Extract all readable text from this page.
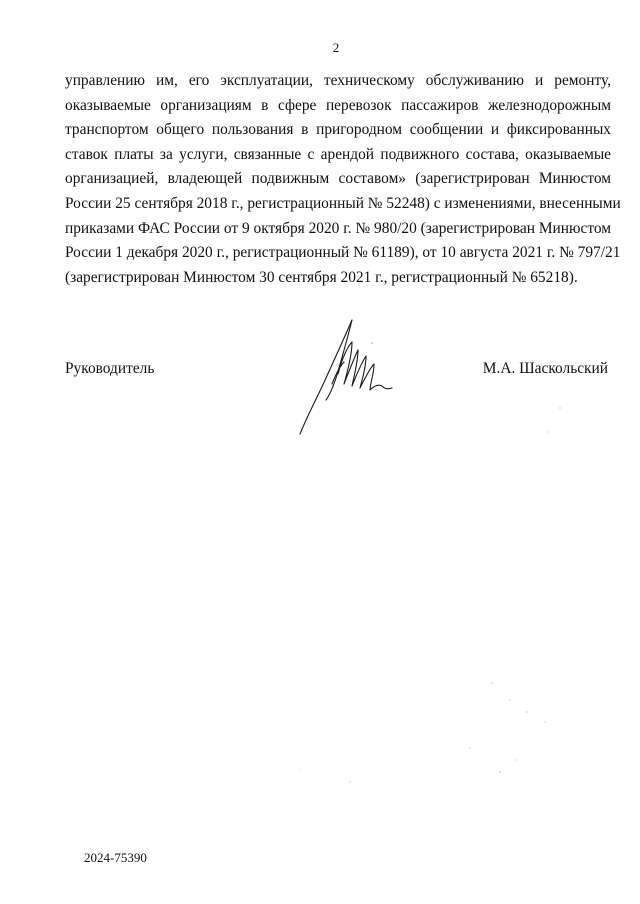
2
управлению им, его эксплуатации, техническому обслуживанию и ремонту,
оказываемые организациям в сфере перевозок пассажиров железнодорожным
транспортом общего пользования в пригородном сообщении и фиксированных
ставок платы за услуги, связанные с арендой подвижного состава, оказываемые
организацией, владеющей подвижным составом» (зарегистрирован Минюстом
России 25 сентября 2018 г., регистрационный № 52248) с изменениями, внесенными
приказами ФАС России от 9 октября 2020 г. № 980/20 (зарегистрирован Минюстом
России 1 декабря 2020 г., регистрационный № 61189), от 10 августа 2021 г. № 797/21
(зарегистрирован Минюстом 30 сентября 2021 г., регистрационный № 65218).
Руководитель	М.А. Шаскольский
2024-75390
